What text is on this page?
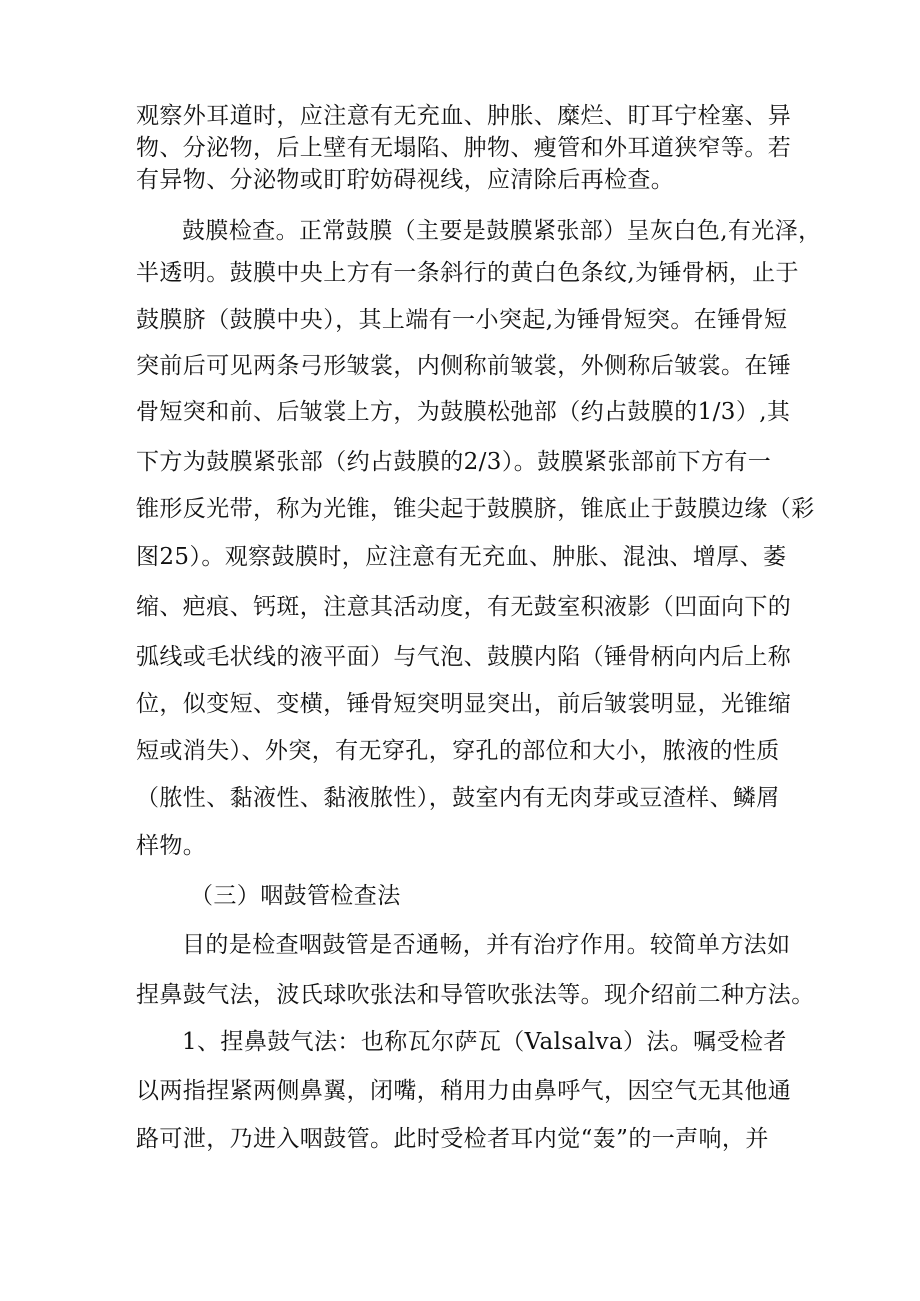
观察外耳道时，应注意有无充血、肿胀、糜烂、盯耳宁栓塞、异
物、分泌物，后上壁有无塌陷、肿物、瘦管和外耳道狭窄等。若
有异物、分泌物或盯聍妨碍视线，应清除后再检查。
鼓膜检查。正常鼓膜（主要是鼓膜紧张部）呈灰白色,有光泽，
半透明。鼓膜中央上方有一条斜行的黄白色条纹,为锤骨柄，止于
鼓膜脐（鼓膜中央），其上端有一小突起,为锤骨短突。在锤骨短
突前后可见两条弓形皱裳，内侧称前皱裳，外侧称后皱裳。在锤
骨短突和前、后皱裳上方，为鼓膜松弛部（约占鼓膜的1/3）,其
下方为鼓膜紧张部（约占鼓膜的2/3）。鼓膜紧张部前下方有一
锥形反光带，称为光锥，锥尖起于鼓膜脐，锥底止于鼓膜边缘（彩
图25）。观察鼓膜时，应注意有无充血、肿胀、混浊、增厚、萎
缩、疤痕、钙斑，注意其活动度，有无鼓室积液影（凹面向下的
弧线或毛状线的液平面）与气泡、鼓膜内陷（锤骨柄向内后上称
位，似变短、变横，锤骨短突明显突出，前后皱裳明显，光锥缩
短或消失）、外突，有无穿孔，穿孔的部位和大小，脓液的性质
（脓性、黏液性、黏液脓性），鼓室内有无肉芽或豆渣样、鳞屑
样物。
（三）咽鼓管检查法
目的是检查咽鼓管是否通畅，并有治疗作用。较简单方法如
捏鼻鼓气法，波氏球吹张法和导管吹张法等。现介绍前二种方法。
1、捏鼻鼓气法：也称瓦尔萨瓦（Valsalva）法。嘱受检者
以两指捏紧两侧鼻翼，闭嘴，稍用力由鼻呼气，因空气无其他通
路可泄，乃进入咽鼓管。此时受检者耳内觉“轰”的一声响，并
